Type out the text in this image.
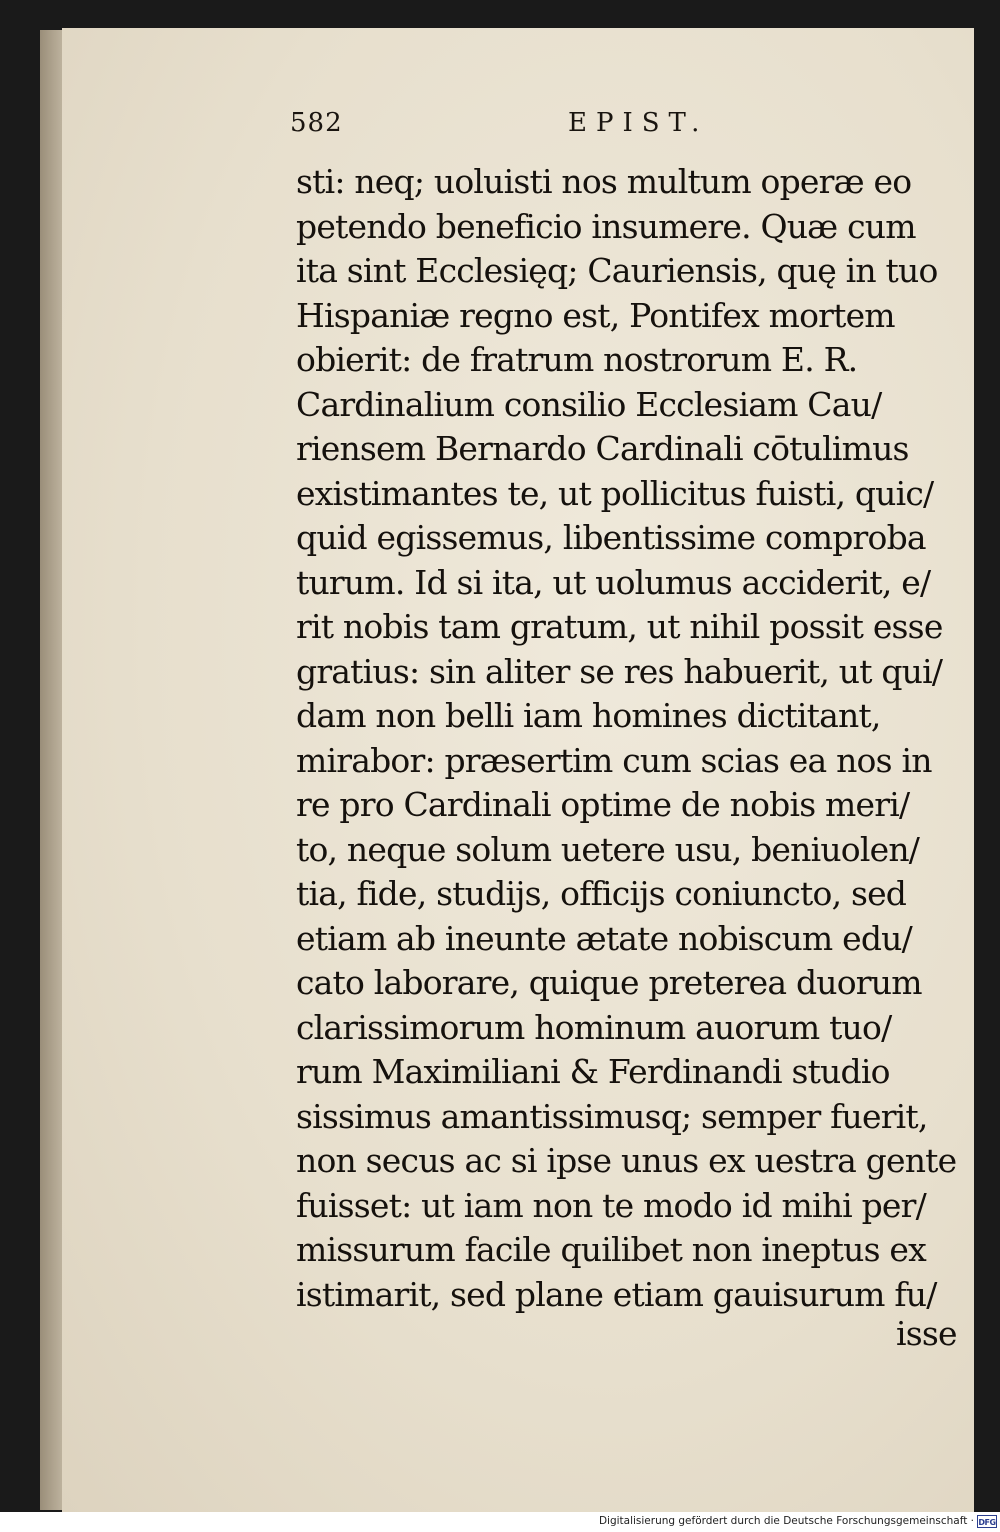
582	EPIST.
sti: neq; uoluisti nos multum operæ eo
petendo beneficio insumere. Quæ cum
ita sint Ecclesięq; Cauriensis, quę in tuo
Hispaniæ regno est, Pontifex mortem
obierit: de fratrum nostrorum E. R.
Cardinalium consilio Ecclesiam Cau/
riensem Bernardo Cardinali cōtulimus
existimantes te, ut pollicitus fuisti, quic/
quid egissemus, libentissime comproba
turum. Id si ita, ut uolumus acciderit, e/
rit nobis tam gratum, ut nihil possit esse
gratius: sin aliter se res habuerit, ut qui/
dam non belli iam homines dictitant,
mirabor: præsertim cum scias ea nos in
re pro Cardinali optime de nobis meri/
to, neque solum uetere usu, beniuolen/
tia, fide, studijs, officijs coniuncto, sed
etiam ab ineunte ætate nobiscum edu/
cato laborare, quique preterea duorum
clarissimorum hominum auorum tuo/
rum Maximiliani & Ferdinandi studio
sissimus amantissimusq; semper fuerit,
non secus ac si ipse unus ex uestra gente
fuisset: ut iam non te modo id mihi per/
missurum facile quilibet non ineptus ex
istimarit, sed plane etiam gauisurum fu/
isse
Digitalisierung gefördert durch die Deutsche Forschungsgemeinschaft · DFG
